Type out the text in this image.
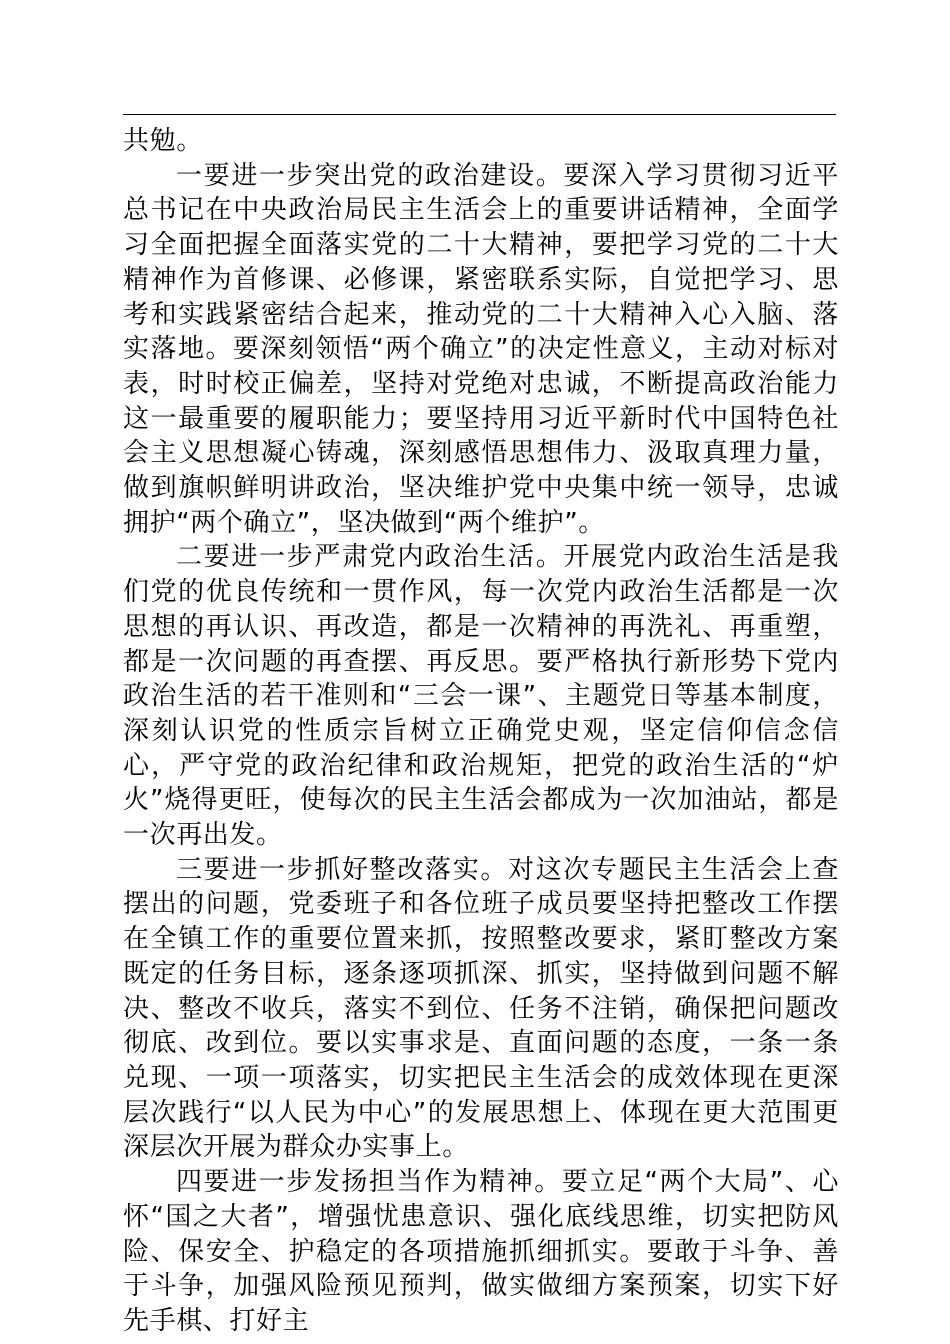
共勉。

一要进一步突出党的政治建设。要深入学习贯彻习近平总书记在中央政治局民主生活会上的重要讲话精神，全面学习全面把握全面落实党的二十大精神，要把学习党的二十大精神作为首修课、必修课，紧密联系实际，自觉把学习、思考和实践紧密结合起来，推动党的二十大精神入心入脑、落实落地。要深刻领悟“两个确立”的决定性意义，主动对标对表，时时校正偏差，坚持对党绝对忠诚，不断提高政治能力这一最重要的履职能力；要坚持用习近平新时代中国特色社会主义思想凝心铸魂，深刻感悟思想伟力、汲取真理力量，做到旗帜鲜明讲政治，坚决维护党中央集中统一领导，忠诚拥护“两个确立”，坚决做到“两个维护”。

二要进一步严肃党内政治生活。开展党内政治生活是我们党的优良传统和一贯作风，每一次党内政治生活都是一次思想的再认识、再改造，都是一次精神的再洗礼、再重塑，都是一次问题的再查摆、再反思。要严格执行新形势下党内政治生活的若干准则和“三会一课”、主题党日等基本制度，深刻认识党的性质宗旨树立正确党史观，坚定信仰信念信心，严守党的政治纪律和政治规矩，把党的政治生活的“炉火”烧得更旺，使每次的民主生活会都成为一次加油站，都是一次再出发。

三要进一步抓好整改落实。对这次专题民主生活会上查摆出的问题，党委班子和各位班子成员要坚持把整改工作摆在全镇工作的重要位置来抓，按照整改要求，紧盯整改方案既定的任务目标，逐条逐项抓深、抓实，坚持做到问题不解决、整改不收兵，落实不到位、任务不注销，确保把问题改彻底、改到位。要以实事求是、直面问题的态度，一条一条兑现、一项一项落实，切实把民主生活会的成效体现在更深层次践行“以人民为中心”的发展思想上、体现在更大范围更深层次开展为群众办实事上。

四要进一步发扬担当作为精神。要立足“两个大局”、心怀“国之大者”，增强忧患意识、强化底线思维，切实把防风险、保安全、护稳定的各项措施抓细抓实。要敢于斗争、善于斗争，加强风险预见预判，做实做细方案预案，切实下好先手棋、打好主
